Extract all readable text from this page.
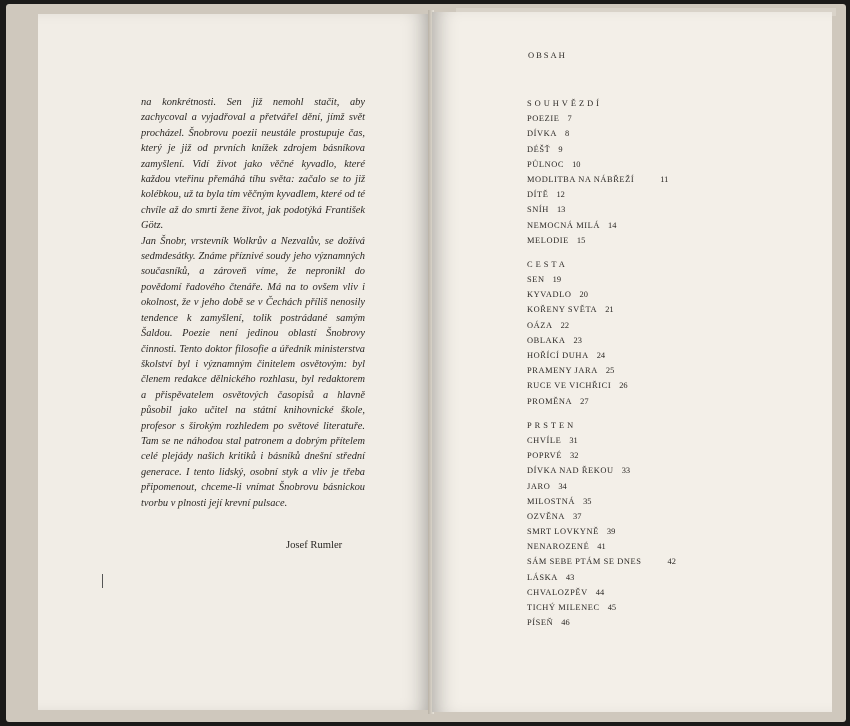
na konkrétnosti. Sen již nemohl stačit, aby zachycoval a vyjadřoval a přetvářel dění, jímž svět procházel. Šnobrovu poezii neustále prostupuje čas, který je již od prvních knížek zdrojem básníkova zamyšlení. Vidí život jako věčné kyvadlo, které každou vteřinu přemáhá tíhu světa: začalo se to již kolébkou, už ta byla tím věčným kyvadlem, které od té chvíle až do smrti žene život, jak podotýká František Götz.

Jan Šnobr, vrstevník Wolkrův a Nezvalův, se dožívá sedmdesátky. Známe příznivé soudy jeho významných současníků, a zároveň víme, že nepronikl do povědomí řadového čtenáře. Má na to ovšem vliv i okolnost, že v jeho době se v Čechách příliš nenosily tendence k zamyšlení, tolik postrádané samým Šaldou. Poezie není jedinou oblastí Šnobrovy činnosti. Tento doktor filosofie a úředník ministerstva školství byl i významným činitelem osvětovým: byl členem redakce dělnického rozhlasu, byl redaktorem a přispěvatelem osvětových časopisů a hlavně působil jako učitel na státní knihovnické škole, profesor s širokým rozhledem po světové literatuře. Tam se ne náhodou stal patronem a dobrým přítelem celé plejády našich kritiků i básníků dnešní střední generace. I tento lidský, osobní styk a vliv je třeba připomenout, chceme-li vnímat Šnobrovu básnickou tvorbu v plnosti její krevní pulsace.

Josef Rumler
OBSAH
SOUHVĚZDÍ
POEZIE 7
DÍVKA 8
DÉŠŤ 9
PŮLNOC 10
MODLITBA NA NÁBŘEŽÍ	11
DÍTĚ 12
SNÍH 13
NEMOCNÁ MILÁ 14
MELODIE 15
CESTA
SEN 19
KYVADLO 20
KOŘENY SVĚTA 21
OÁZA 22
OBLAKA 23
HOŘÍCÍ DUHA 24
PRAMENY JARA 25
RUCE VE VICHŘICI 26
PROMĚNA 27
PRSTEN
CHVÍLE 31
POPRVÉ 32
DÍVKA NAD ŘEKOU 33
JARO 34
MILOSTNÁ 35
OZVĚNA 37
SMRT LOVKYNĚ 39
NENAROZENÉ 41
SÁM SEBE PTÁM SE DNES	42
LÁSKA 43
CHVALOZPĚV 44
TICHÝ MILENEC 45
PÍSEŇ 46
